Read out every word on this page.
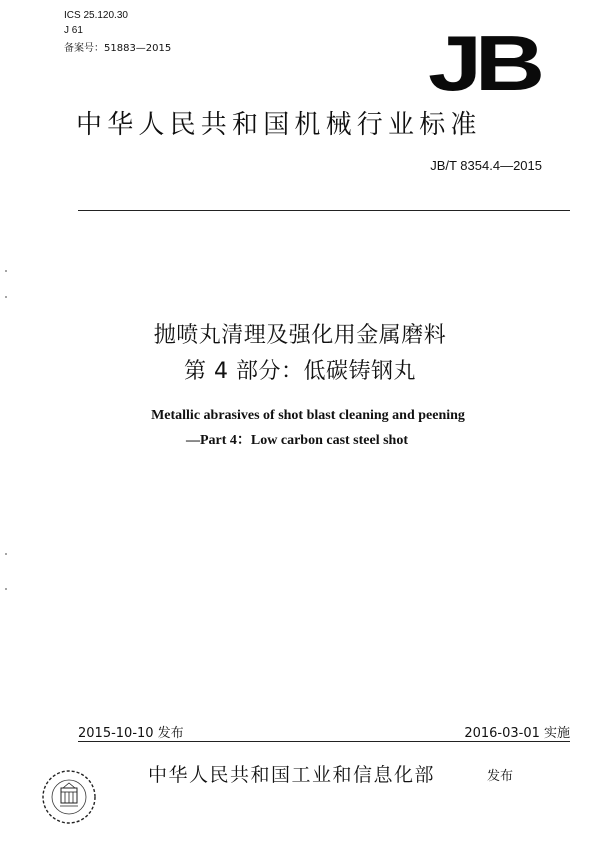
ICS 25.120.30
J 61
备案号：51883—2015	JB
中华人民共和国机械行业标准
JB/T 8354.4—2015
抛喷丸清理及强化用金属磨料
第 4 部分：低碳铸钢丸
Metallic abrasives of shot blast cleaning and peening
—Part 4：Low carbon cast steel shot
2015-10-10 发布	2016-03-01 实施
中华人民共和国工业和信息化部	发布
